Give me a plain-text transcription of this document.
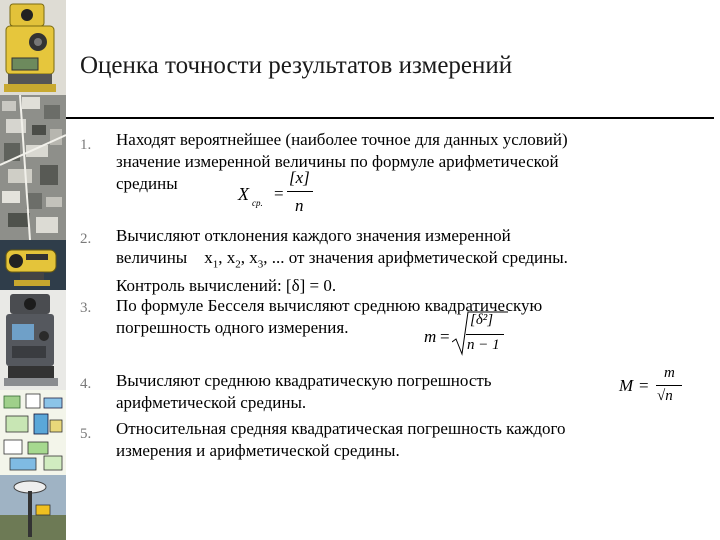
Оценка точности результатов измерений
1. Находят вероятнейшее (наиболее точное для данных условий)
значение измеренной величины по формуле арифметической
средины
X ср. =
[x]
n
2. Вычисляют отклонения каждого значения измеренной
величины    $x_1$, $x_2$, $x_3$, ... от значения арифметической средины.
Контроль вычислений: [δ] = 0.
3. По формуле Бесселя вычисляют среднюю квадратическую
погрешность одного измерения.	m =
[δ²]
n − 1
4. Вычисляют среднюю квадратическую погрешность
арифметической средины.
M =
m
√n
5. Относительная средняя квадратическая погрешность каждого
измерения и арифметической средины.
